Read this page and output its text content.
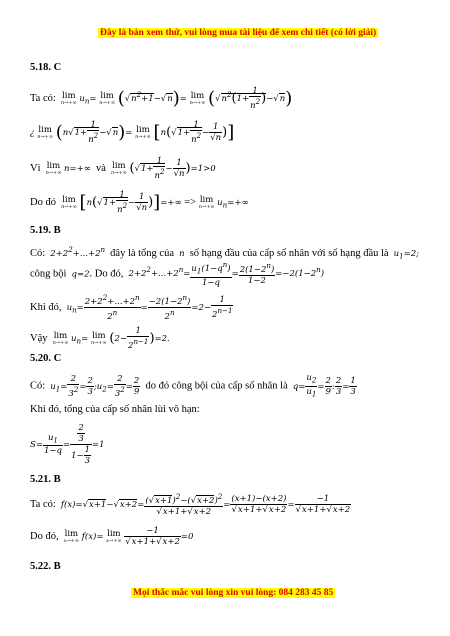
Đây là bản xem thử, vui lòng mua tài liệu để xem chi tiết (có lời giải)
5.18. C
Ta có: lim
n→+∞ $u_n= \lim$
n→+∞ $(√n^2+1-√n)= \lim$
n→+∞ $(√n^2(1+ \frac{1}{n^2} )-√n)$
¿ lim
n→+∞ $(n√1+ \frac{1}{n^2} -√n)= \lim$
n→+∞ [$n(√1+ \frac{1}{n^2} - \frac{1}{√n}$ )]
Vì lim
n→+∞ n=+∞ và lim
n→+∞ $(√1+ \frac{1}{n^2} - \frac{1}{√n} )=1>0$
Do đó lim
n→+∞ [$n(√1+ \frac{1}{n^2} - \frac{1}{√n}$ )]=+∞ => lim
n→+∞ $u_n=+\infty$
5.19. B
Có: $2+2^2+...+2^n$ đây là tổng của n số hạng đầu của cấp số nhân với số hạng đầu là $u_1=2$;
công bội q=2. Do đó, $2+2^2+...+2^n= \frac{u_1(1-q^n)}{1-q} = \frac{2(1-2^n)}{1-2} =-2(1-2^n)$
Khi đó, $u_n= \frac{2+2^2+...+2^n}{2^n} = \frac{-2(1-2^n)}{2^n} =2- \frac{1}{2^{n-1}}$
Vậy lim
n→+∞ $u_n= \lim$
n→+∞ $(2- \frac{1}{2^{n-1}} )=2$.
5.20. C
Có: $u_1= \frac{2}{3^2} = \frac{2}{3}$ $;u_2= \frac{2}{3^2} = \frac{2}{9}$ do đó công bội của cấp số nhân là $q= \frac{u_2}{u_1} = \frac{2}{9}$ : $\frac{2}{3} = \frac{1}{3}$
Khi đó, tổng của cấp số nhân lùi vô hạn:
$S= \frac{u_1}{1-q} = \frac{\frac{2}{3}}{1- \frac{1}{3}} =1$
5.21. B
Ta có: $f(x)=√x+1-√x+2= \frac{(√x+1)^2-(√x+2)^2}{√x+1+√x+2} = \frac{(x+1)-(x+2)}{√x+1+√x+2} = \frac{-1}{√x+1+√x+2}$
Do đó, lim
x→+∞ f(x)= lim
x→+∞
$\frac{-1}{√x+1+√x+2} =0$
5.22. B
Mọi thắc mắc vui lòng xin vui lòng: 084 283 45 85
